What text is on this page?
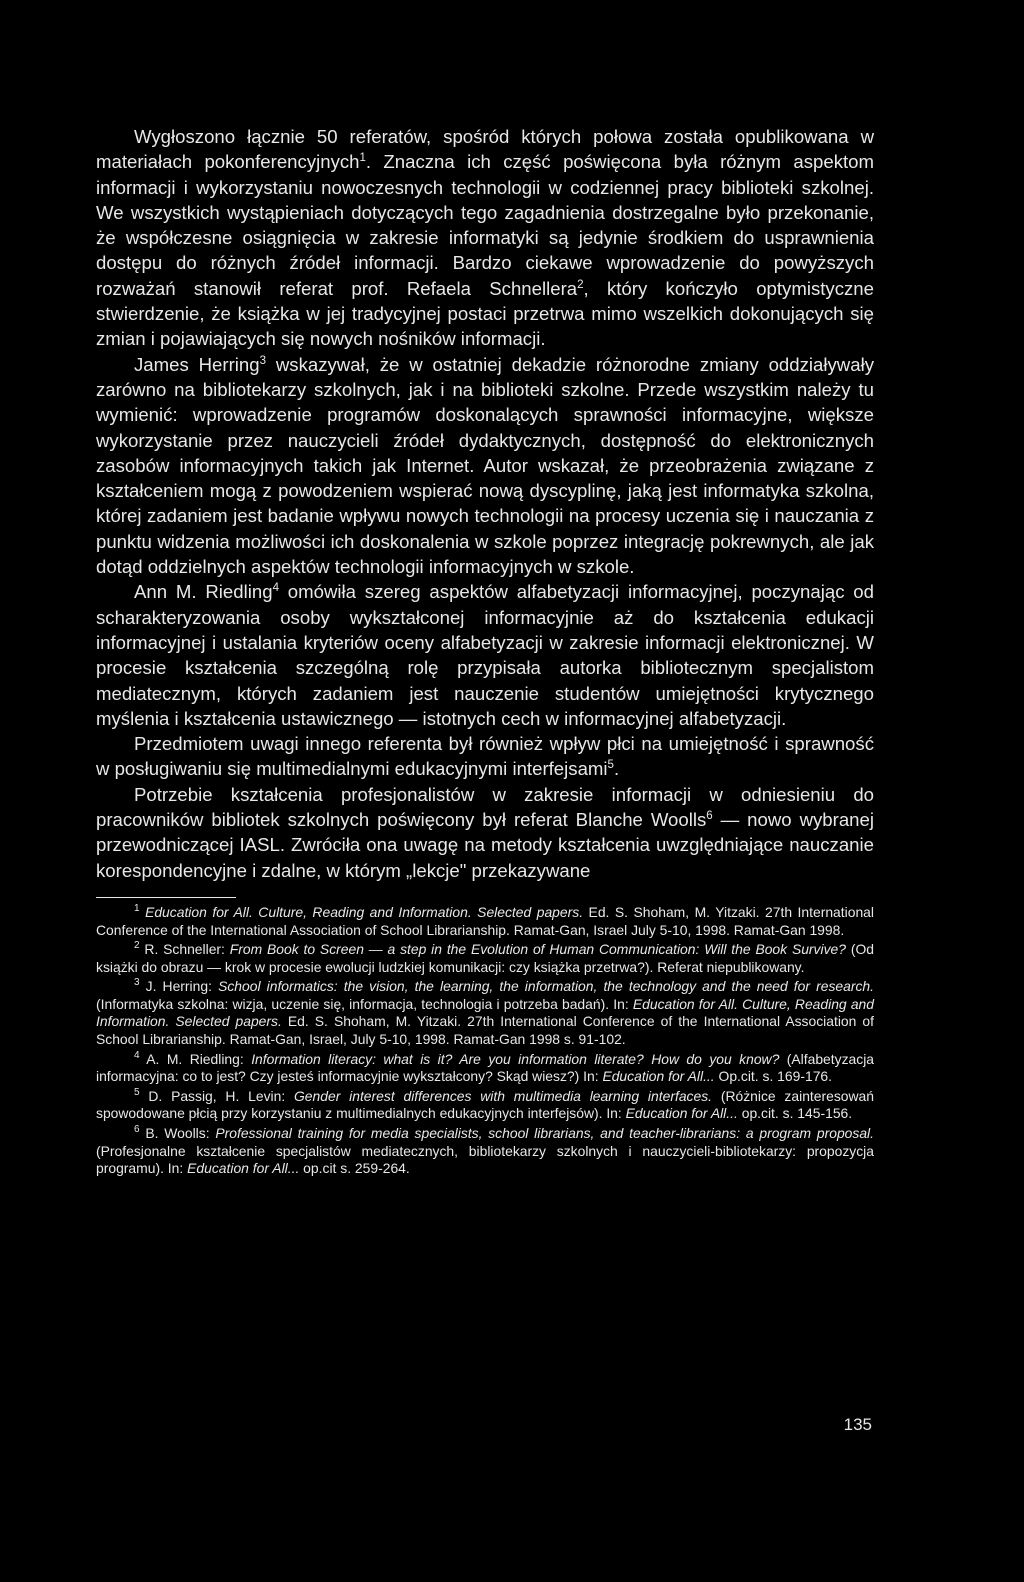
Wygłoszono łącznie 50 referatów, spośród których połowa została opublikowana w materiałach pokonferencyjnych$^1$. Znaczna ich część poświęcona była różnym aspektom informacji i wykorzystaniu nowoczesnych technologii w codziennej pracy biblioteki szkolnej. We wszystkich wystąpieniach dotyczących tego zagadnienia dostrzegalne było przekonanie, że współczesne osiągnięcia w zakresie informatyki są jedynie środkiem do usprawnienia dostępu do różnych źródeł informacji. Bardzo ciekawe wprowadzenie do powyższych rozważań stanowił referat prof. Refaela Schnellera$^2$, który kończyło optymistyczne stwierdzenie, że książka w jej tradycyjnej postaci przetrwa mimo wszelkich dokonujących się zmian i pojawiających się nowych nośników informacji.

James Herring$^3$ wskazywał, że w ostatniej dekadzie różnorodne zmiany oddziaływały zarówno na bibliotekarzy szkolnych, jak i na biblioteki szkolne. Przede wszystkim należy tu wymienić: wprowadzenie programów doskonalących sprawności informacyjne, większe wykorzystanie przez nauczycieli źródeł dydaktycznych, dostępność do elektronicznych zasobów informacyjnych takich jak Internet. Autor wskazał, że przeobrażenia związane z kształceniem mogą z powodzeniem wspierać nową dyscyplinę, jaką jest informatyka szkolna, której zadaniem jest badanie wpływu nowych technologii na procesy uczenia się i nauczania z punktu widzenia możliwości ich doskonalenia w szkole poprzez integrację pokrewnych, ale jak dotąd oddzielnych aspektów technologii informacyjnych w szkole.

Ann M. Riedling$^4$ omówiła szereg aspektów alfabetyzacji informacyjnej, poczynając od scharakteryzowania osoby wykształconej informacyjnie aż do kształcenia edukacji informacyjnej i ustalania kryteriów oceny alfabetyzacji w zakresie informacji elektronicznej. W procesie kształcenia szczególną rolę przypisała autorka bibliotecznym specjalistom mediatecznym, których zadaniem jest nauczenie studentów umiejętności krytycznego myślenia i kształcenia ustawicznego — istotnych cech w informacyjnej alfabetyzacji.

Przedmiotem uwagi innego referenta był również wpływ płci na umiejętność i sprawność w posługiwaniu się multimedialnymi edukacyjnymi interfejsami$^5$.

Potrzebie kształcenia profesjonalistów w zakresie informacji w odniesieniu do pracowników bibliotek szkolnych poświęcony był referat Blanche Woolls$^6$ — nowo wybranej przewodniczącej IASL. Zwróciła ona uwagę na metody kształcenia uwzględniające nauczanie korespondencyjne i zdalne, w którym „lekcje" przekazywane

$^1$ Education for All. Culture, Reading and Information. Selected papers. Ed. S. Shoham, M. Yitzaki. 27th International Conference of the International Association of School Librarianship. Ramat-Gan, Israel July 5-10, 1998. Ramat-Gan 1998.

$^2$ R. Schneller: From Book to Screen — a step in the Evolution of Human Communication: Will the Book Survive? (Od książki do obrazu — krok w procesie ewolucji ludzkiej komunikacji: czy książka przetrwa?). Referat niepublikowany.

$^3$ J. Herring: School informatics: the vision, the learning, the information, the technology and the need for research. (Informatyka szkolna: wizja, uczenie się, informacja, technologia i potrzeba badań). In: Education for All. Culture, Reading and Information. Selected papers. Ed. S. Shoham, M. Yitzaki. 27th International Conference of the International Association of School Librarianship. Ramat-Gan, Israel, July 5-10, 1998. Ramat-Gan 1998 s. 91-102.

$^4$ A. M. Riedling: Information literacy: what is it? Are you information literate? How do you know? (Alfabetyzacja informacyjna: co to jest? Czy jesteś informacyjnie wykształcony? Skąd wiesz?) In: Education for All... Op.cit. s. 169-176.

$^5$ D. Passig, H. Levin: Gender interest differences with multimedia learning interfaces. (Różnice zainteresowań spowodowane płcią przy korzystaniu z multimedialnych edukacyjnych interfejsów). In: Education for All... op.cit. s. 145-156.

$^6$ B. Woolls: Professional training for media specialists, school librarians, and teacher-librarians: a program proposal. (Profesjonalne kształcenie specjalistów mediatecznych, bibliotekarzy szkolnych i nauczycieli-bibliotekarzy: propozycja programu). In: Education for All... op.cit s. 259-264.

135
